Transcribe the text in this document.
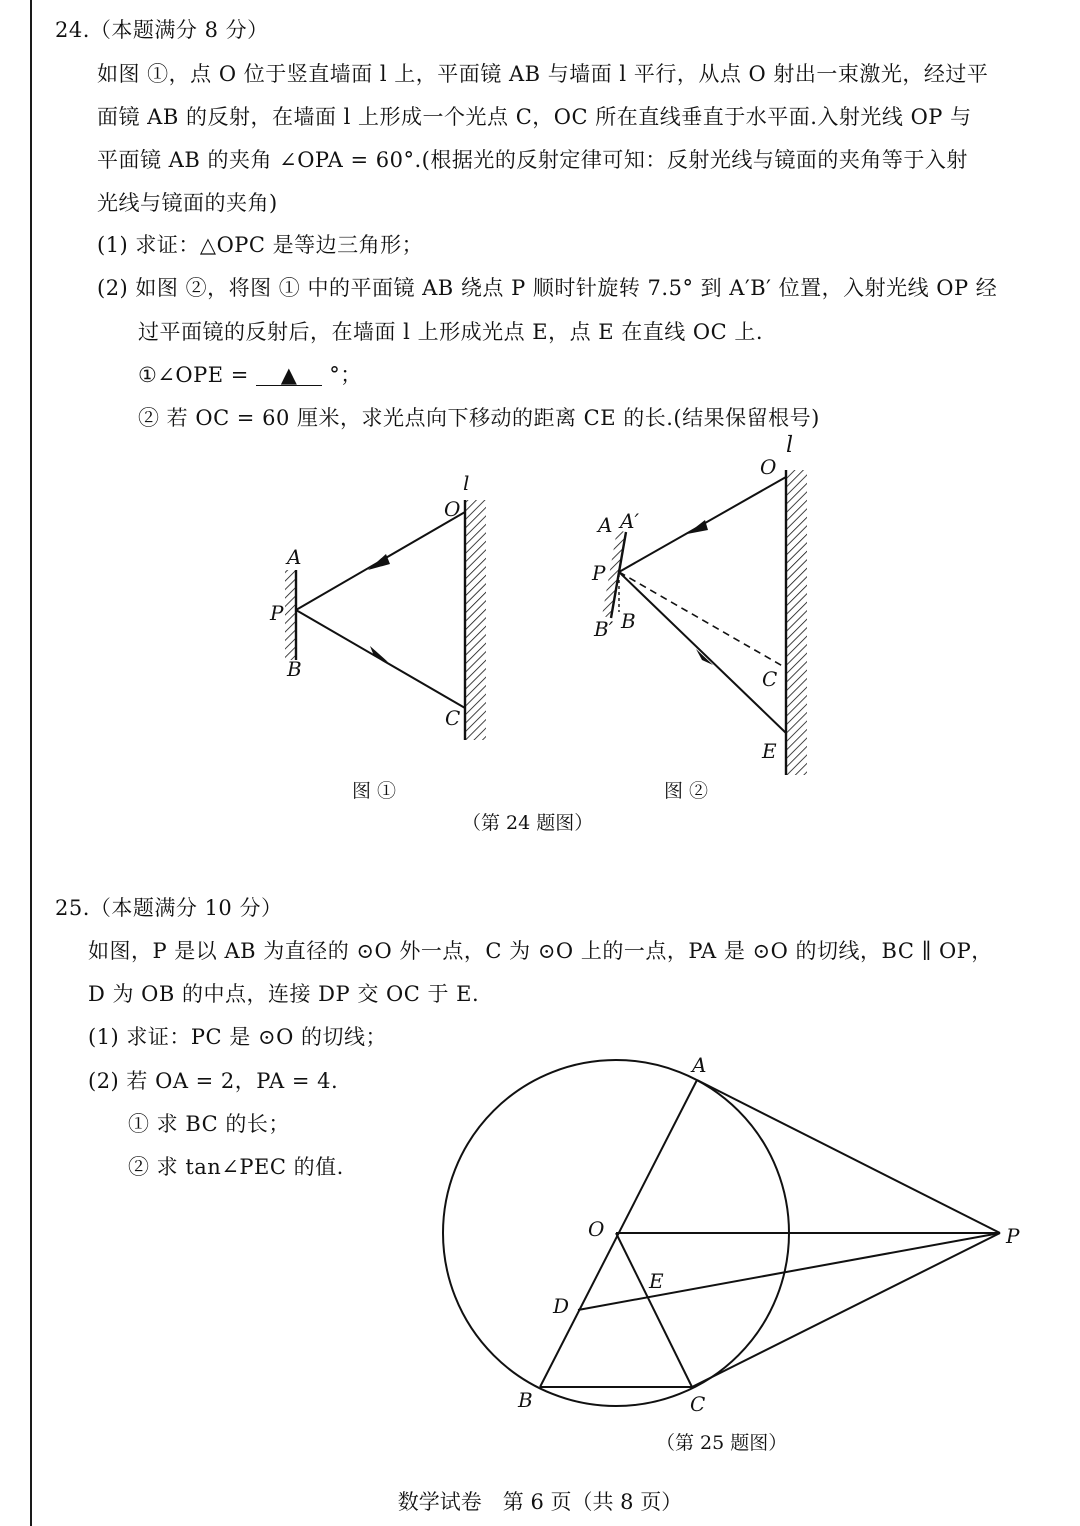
24.（本题满分 8 分）
如图 ①，点 O 位于竖直墙面 l 上，平面镜 AB 与墙面 l 平行，从点 O 射出一束激光，经过平
面镜 AB 的反射，在墙面 l 上形成一个光点 C，OC 所在直线垂直于水平面.入射光线 OP 与
平面镜 AB 的夹角 ∠OPA = 60°.(根据光的反射定律可知：反射光线与镜面的夹角等于入射
光线与镜面的夹角)
(1) 求证：△OPC 是等边三角形；
(2) 如图 ②，将图 ① 中的平面镜 AB 绕点 P 顺时针旋转 7.5° 到 A′B′ 位置，入射光线 OP 经
过平面镜的反射后，在墙面 l 上形成光点 E，点 E 在直线 OC 上.
①∠OPE = ▲ °；
② 若 OC = 60 厘米，求光点向下移动的距离 CE 的长.(结果保留根号)
l
O
A
P
B
C
l
O
A A′
P
B′ B
C
E
图 ①	图 ②
（第 24 题图）
25.（本题满分 10 分）
如图，P 是以 AB 为直径的 ⊙O 外一点，C 为 ⊙O 上的一点，PA 是 ⊙O 的切线，BC ∥ OP，
D 为 OB 的中点，连接 DP 交 OC 于 E.
(1) 求证：PC 是 ⊙O 的切线；
(2) 若 OA = 2，PA = 4.
① 求 BC 的长；
② 求 tan∠PEC 的值.
A
O	P
E
D
B	C
（第 25 题图）
数学试卷　第 6 页（共 8 页）
